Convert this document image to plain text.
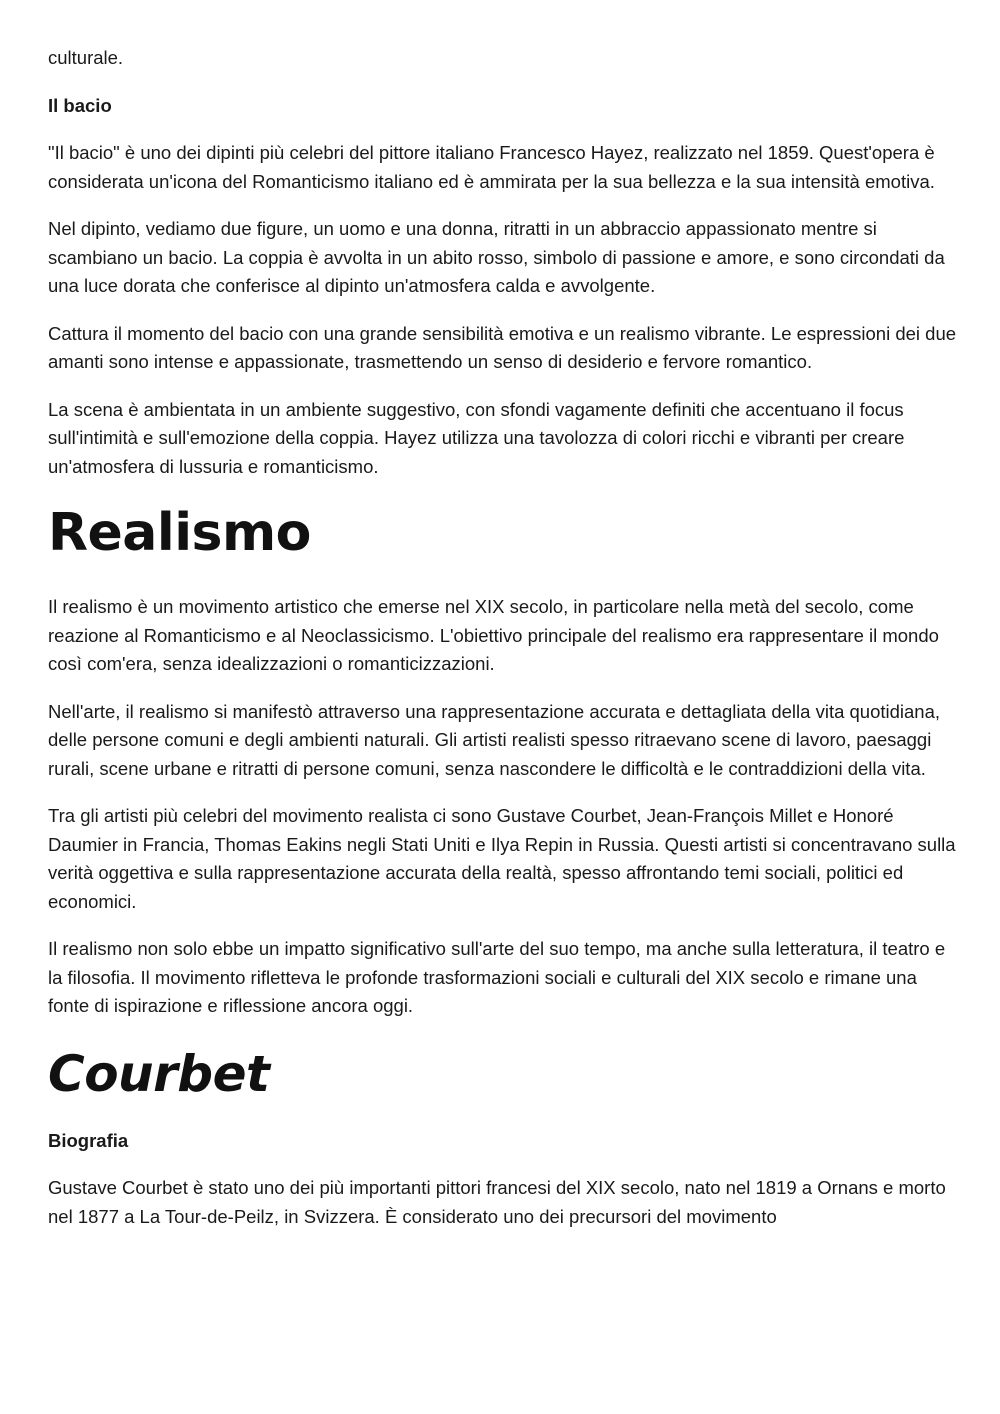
culturale.

Il bacio

"Il bacio" è uno dei dipinti più celebri del pittore italiano Francesco Hayez, realizzato nel 1859. Quest'opera è considerata un'icona del Romanticismo italiano ed è ammirata per la sua bellezza e la sua intensità emotiva.

Nel dipinto, vediamo due figure, un uomo e una donna, ritratti in un abbraccio appassionato mentre si scambiano un bacio. La coppia è avvolta in un abito rosso, simbolo di passione e amore, e sono circondati da una luce dorata che conferisce al dipinto un'atmosfera calda e avvolgente.

Cattura il momento del bacio con una grande sensibilità emotiva e un realismo vibrante. Le espressioni dei due amanti sono intense e appassionate, trasmettendo un senso di desiderio e fervore romantico.

La scena è ambientata in un ambiente suggestivo, con sfondi vagamente definiti che accentuano il focus sull'intimità e sull'emozione della coppia. Hayez utilizza una tavolozza di colori ricchi e vibranti per creare un'atmosfera di lussuria e romanticismo.

Realismo

Il realismo è un movimento artistico che emerse nel XIX secolo, in particolare nella metà del secolo, come reazione al Romanticismo e al Neoclassicismo. L'obiettivo principale del realismo era rappresentare il mondo così com'era, senza idealizzazioni o romanticizzazioni.

Nell'arte, il realismo si manifestò attraverso una rappresentazione accurata e dettagliata della vita quotidiana, delle persone comuni e degli ambienti naturali. Gli artisti realisti spesso ritraevano scene di lavoro, paesaggi rurali, scene urbane e ritratti di persone comuni, senza nascondere le difficoltà e le contraddizioni della vita.

Tra gli artisti più celebri del movimento realista ci sono Gustave Courbet, Jean-François Millet e Honoré Daumier in Francia, Thomas Eakins negli Stati Uniti e Ilya Repin in Russia. Questi artisti si concentravano sulla verità oggettiva e sulla rappresentazione accurata della realtà, spesso affrontando temi sociali, politici ed economici.

Il realismo non solo ebbe un impatto significativo sull'arte del suo tempo, ma anche sulla letteratura, il teatro e la filosofia. Il movimento rifletteva le profonde trasformazioni sociali e culturali del XIX secolo e rimane una fonte di ispirazione e riflessione ancora oggi.

Courbet

Biografia

Gustave Courbet è stato uno dei più importanti pittori francesi del XIX secolo, nato nel 1819 a Ornans e morto nel 1877 a La Tour-de-Peilz, in Svizzera. È considerato uno dei precursori del movimento
